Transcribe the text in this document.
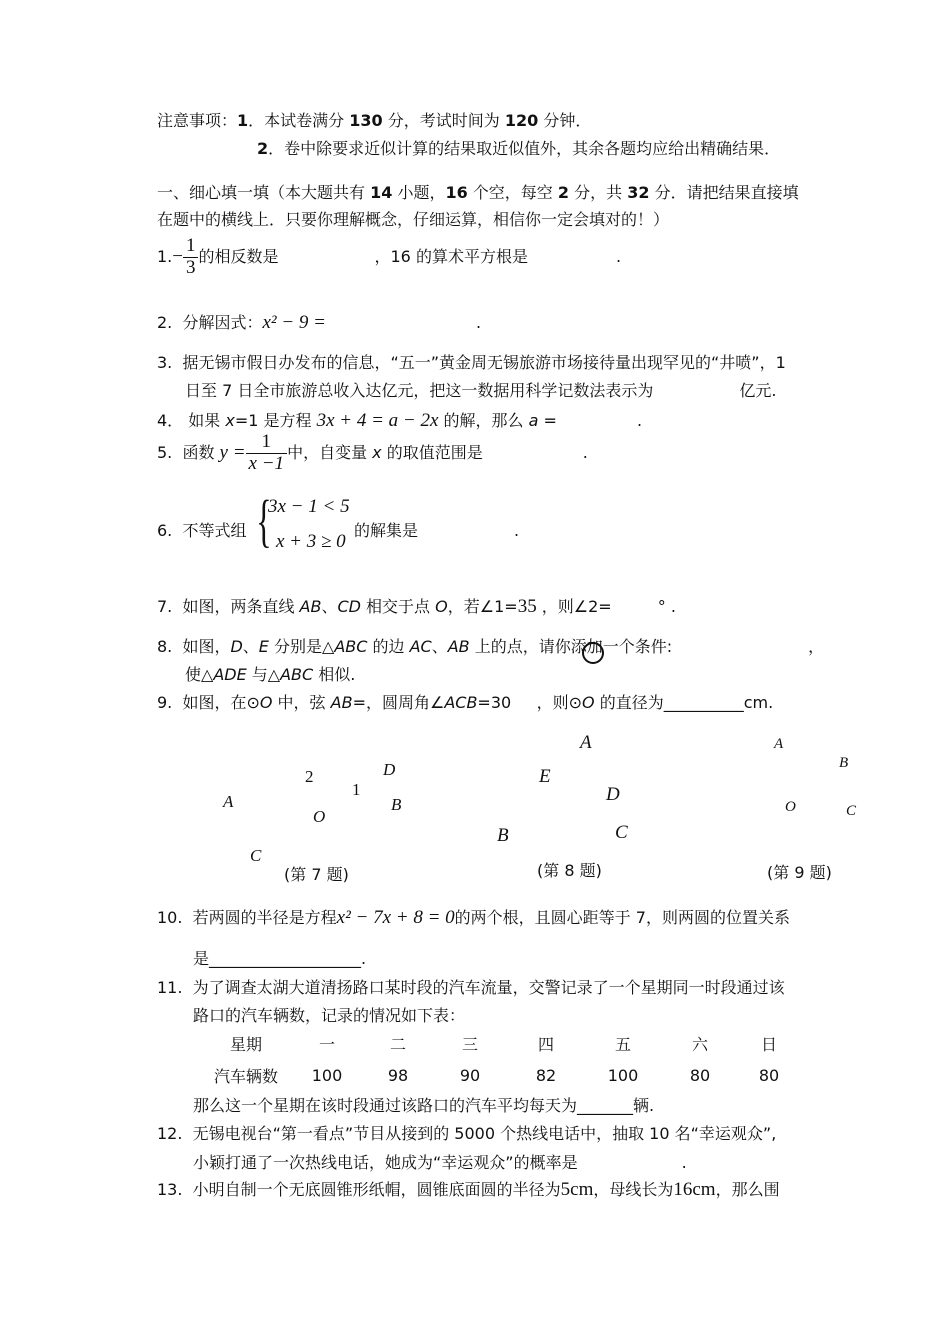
注意事项：1．本试卷满分 130 分，考试时间为 120 分钟．
2．卷中除要求近似计算的结果取近似值外，其余各题均应给出精确结果．
一、细心填一填（本大题共有 14 小题，16 个空，每空 2 分，共 32 分．请把结果直接填
在题中的横线上．只要你理解概念，仔细运算，相信你一定会填对的！）
$1.- \frac{1}{3}$ 的相反数是	，16 的算术平方根是	.
2. 分解因式：x² − 9 =	.
3. 据无锡市假日办发布的信息，“五一”黄金周无锡旅游市场接待量出现罕见的“井喷”，1
日至 7 日全市旅游总收入达亿元，把这一数据用科学记数法表示为	亿元.
4． 如果 x=1 是方程 3x + 4 = a − 2x 的解，那么 a =	.
5. 函数 $y = \frac{1}{x -1}$ 中，自变量 x 的取值范围是	.
6. 不等式组 {
3x − 1 < 5
x + 3 ≥ 0
的解集是	.
7. 如图，两条直线 AB、CD 相交于点 O，若∠1=35 ，则∠2=	° .
8. 如图，D、E 分别是△ABC 的边 AC、AB 上的点，请你添加一个条件:	，
使△ADE 与△ABC 相似.
9. 如图，在⊙O 中，弦 AB=，圆周角∠ACB=30 ，则⊙O 的直径为__________cm.
A
2
1
D
O
B
C
(第 7 题)
A
E
D
B	C
(第 8 题)
A
B
O	C
(第 9 题)
10. 若两圆的半径是方程x² − 7x + 8 = 0的两个根，且圆心距等于 7，则两圆的位置关系
是___________________.
11. 为了调查太湖大道清扬路口某时段的汽车流量，交警记录了一个星期同一时段通过该
路口的汽车辆数，记录的情况如下表：
星期	一	二	三	四	五	六	日
汽车辆数	100	98	90	82	100	80	80
那么这一个星期在该时段通过该路口的汽车平均每天为_______辆.
12. 无锡电视台“第一看点”节目从接到的 5000 个热线电话中，抽取 10 名“幸运观众”,
小颖打通了一次热线电话，她成为“幸运观众”的概率是	.
13. 小明自制一个无底圆锥形纸帽，圆锥底面圆的半径为5cm，母线长为16cm，那么围
